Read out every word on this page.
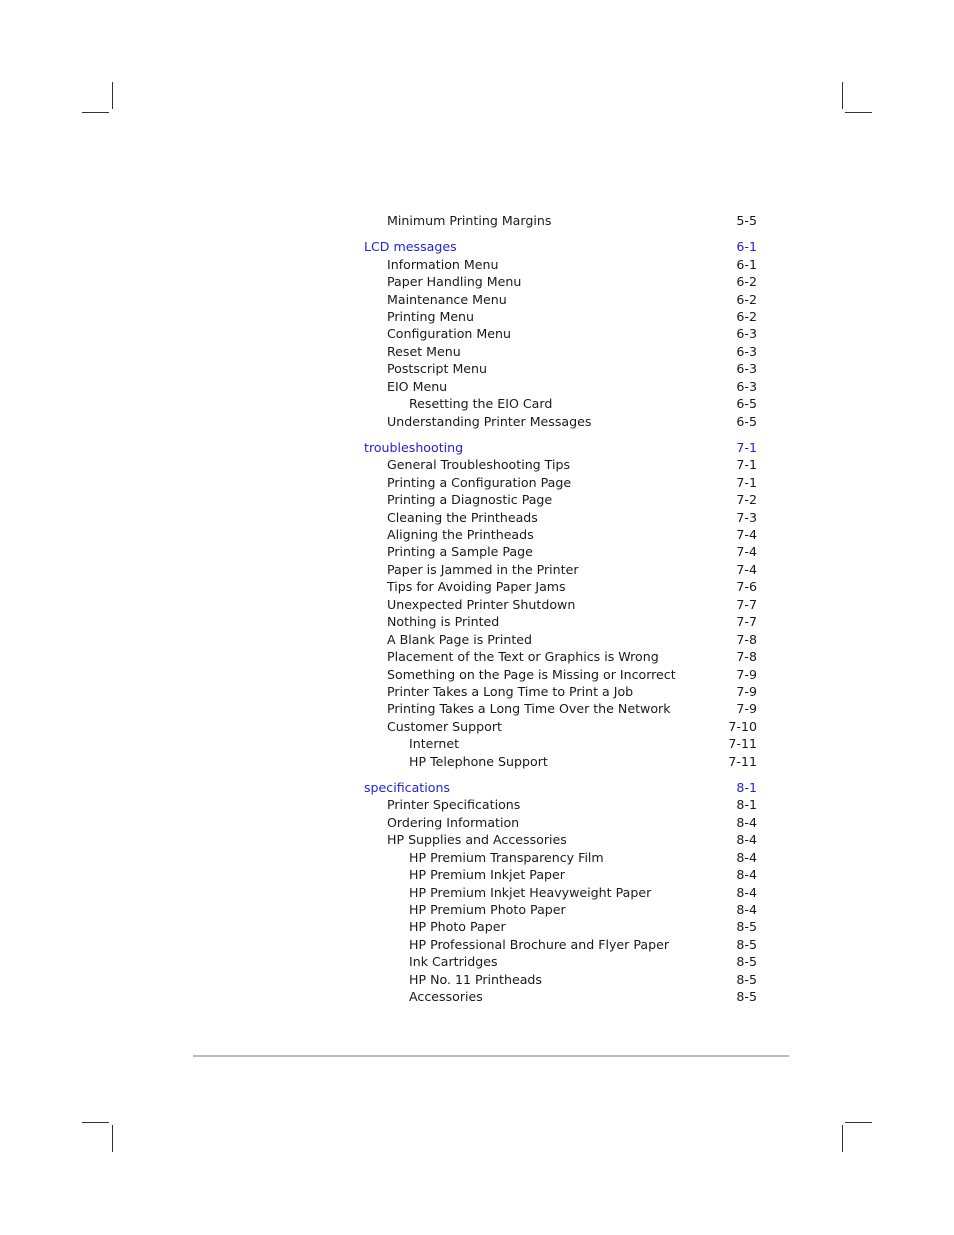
Minimum Printing Margins	5-5
LCD messages	6-1
Information Menu	6-1
Paper Handling Menu	6-2
Maintenance Menu	6-2
Printing Menu	6-2
Configuration Menu	6-3
Reset Menu	6-3
Postscript Menu	6-3
EIO Menu	6-3
Resetting the EIO Card	6-5
Understanding Printer Messages	6-5
troubleshooting	7-1
General Troubleshooting Tips	7-1
Printing a Configuration Page	7-1
Printing a Diagnostic Page	7-2
Cleaning the Printheads	7-3
Aligning the Printheads	7-4
Printing a Sample Page	7-4
Paper is Jammed in the Printer	7-4
Tips for Avoiding Paper Jams	7-6
Unexpected Printer Shutdown	7-7
Nothing is Printed	7-7
A Blank Page is Printed	7-8
Placement of the Text or Graphics is Wrong	7-8
Something on the Page is Missing or Incorrect	7-9
Printer Takes a Long Time to Print a Job	7-9
Printing Takes a Long Time Over the Network	7-9
Customer Support	7-10
Internet	7-11
HP Telephone Support	7-11
specifications	8-1
Printer Specifications	8-1
Ordering Information	8-4
HP Supplies and Accessories	8-4
HP Premium Transparency Film	8-4
HP Premium Inkjet Paper	8-4
HP Premium Inkjet Heavyweight Paper	8-4
HP Premium Photo Paper	8-4
HP Photo Paper	8-5
HP Professional Brochure and Flyer Paper	8-5
Ink Cartridges	8-5
HP No. 11 Printheads	8-5
Accessories	8-5
